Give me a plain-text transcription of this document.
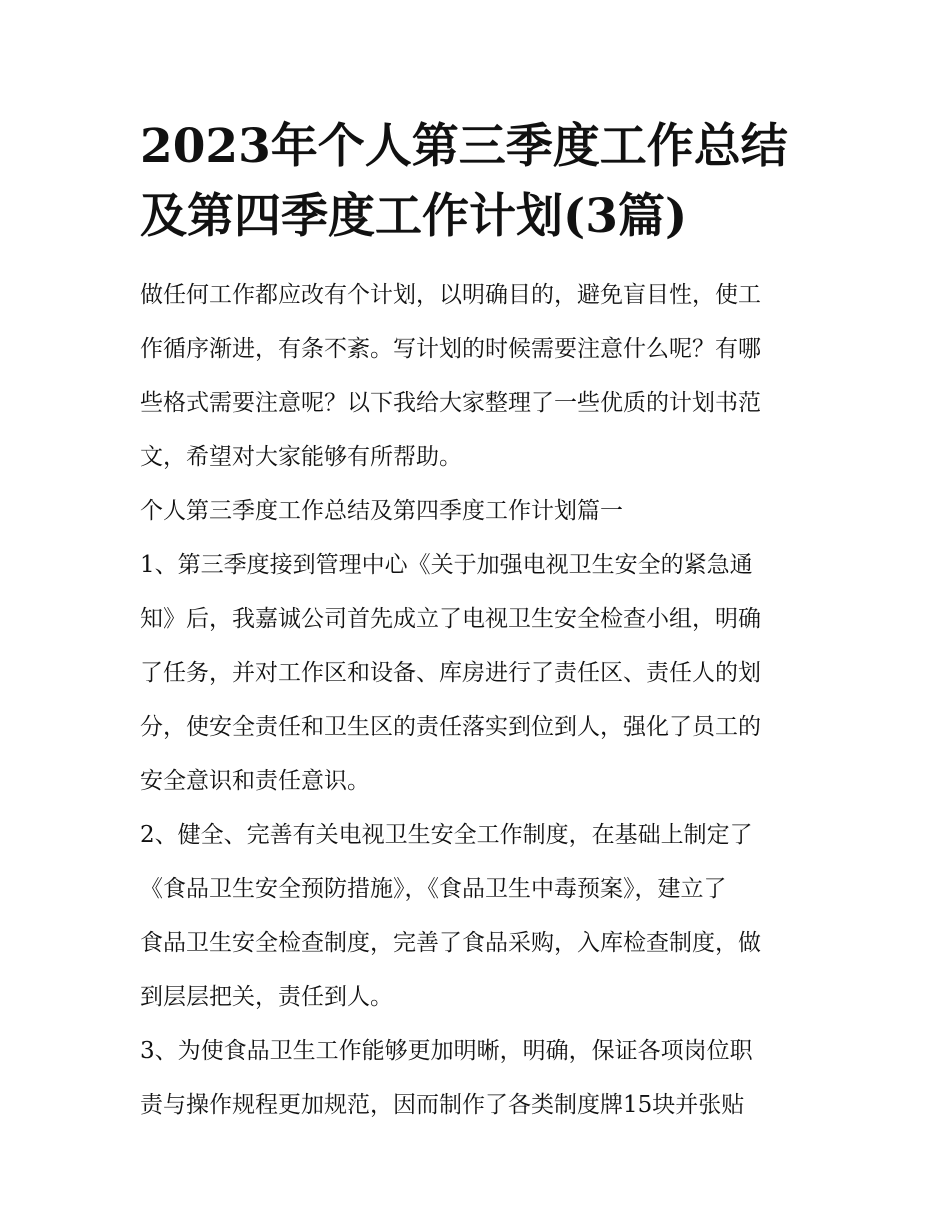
2023年个人第三季度工作总结
及第四季度工作计划(3篇)

做任何工作都应改有个计划，以明确目的，避免盲目性，使工
作循序渐进，有条不紊。写计划的时候需要注意什么呢？有哪
些格式需要注意呢？以下我给大家整理了一些优质的计划书范
文，希望对大家能够有所帮助。

个人第三季度工作总结及第四季度工作计划篇一

1、第三季度接到管理中心《关于加强电视卫生安全的紧急通
知》后，我嘉诚公司首先成立了电视卫生安全检查小组，明确
了任务，并对工作区和设备、库房进行了责任区、责任人的划
分，使安全责任和卫生区的责任落实到位到人，强化了员工的
安全意识和责任意识。

2、健全、完善有关电视卫生安全工作制度，在基础上制定了
《食品卫生安全预防措施》，《食品卫生中毒预案》，建立了
食品卫生安全检查制度，完善了食品采购，入库检查制度，做
到层层把关，责任到人。

3、为使食品卫生工作能够更加明晰，明确，保证各项岗位职
责与操作规程更加规范，因而制作了各类制度牌15块并张贴
